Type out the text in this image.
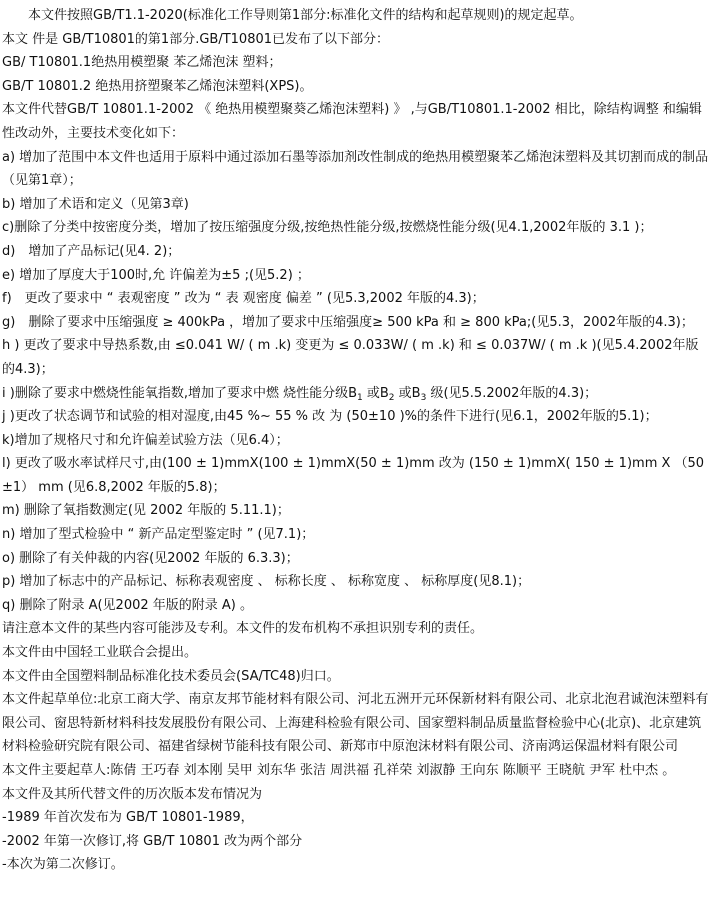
本文件按照GB/T1.1-2020(标准化工作导则第1部分:标准化文件的结构和起草规则)的规定起草。

本文 件是 GB/T10801的第1部分.GB/T10801已发布了以下部分：

GB/ T10801.1绝热用模塑聚 苯乙烯泡沫 塑料；

GB/T 10801.2 绝热用挤塑聚苯乙烯泡沫塑料(XPS)。

本文件代替GB/T 10801.1-2002 《 绝热用模塑聚葵乙烯泡沫塑料) 》 ,与GB/T10801.1-2002 相比，除结构调整 和编辑性改动外，主要技术变化如下：

a) 增加了范围中本文件也适用于原料中通过添加石墨等添加剂改性制成的绝热用模塑聚苯乙烯泡沫塑料及其切割而成的制品（见第1章）；

b) 增加了术语和定义（见第3章)

c)删除了分类中按密度分类，增加了按压缩强度分级,按绝热性能分级,按燃烧性能分级(见4.1,2002年版的 3.1 )；

d)　增加了产品标记(见4. 2)；

e) 增加了厚度大于100时,允 许偏差为±5 ;(见5.2) ；

f)　更改了要求中 “ 表观密度 ” 改为 “ 表 观密度 偏差 ” (见5.3,2002 年版的4.3)；

g)　删除了要求中压缩强度 ≥ 400kPa ，增加了要求中压缩强度≥ 500 kPa 和 ≥ 800 kPa;(见5.3，2002年版的4.3)；

h ) 更改了要求中导热系数,由 ≤0.041 W/ ( m .k) 变更为 ≤ 0.033W/ ( m .k) 和 ≤ 0.037W/ ( m .k )(见5.4.2002年版的4.3)；

i )删除了要求中燃烧性能氧指数,增加了要求中燃 烧性能分级$B_1$ 或$B_2$ 或$B_3$ 级(见5.5.2002年版的4.3)；

j )更改了状态调节和试验的相对湿度,由45 %~ 55 % 改 为 (50±10 )%的条件下进行(见6.1，2002年版的5.1)；

k)增加了规格尺寸和允许偏差试验方法（见6.4）；

l) 更改了吸水率试样尺寸,由(100 ± 1)mmX(100 ± 1)mmX(50 ± 1)mm 改为 (150 ± 1)mmX( 150 ± 1)mm X （50±1） mm (见6.8,2002 年版的5.8)；

m) 删除了氧指数测定(见 2002 年版的 5.11.1)；

n) 增加了型式检验中 “ 新产品定型鉴定时 ” (见7.1)；

o) 删除了有关仲裁的内容(见2002 年版的 6.3.3)；

p) 增加了标志中的产品标记、标称表观密度 、 标称长度 、 标称宽度 、 标称厚度(见8.1)；

q) 删除了附录 A(见2002 年版的附录 A) 。

请注意本文件的某些内容可能涉及专利。本文件的发布机构不承担识别专利的责任。

本文件由中国轻工业联合会提出。

本文件由全国塑料制品标准化技术委员会(SA/TC48)归口。

本文件起草单位:北京工商大学、南京友邦节能材料有限公司、河北五洲开元环保新材料有限公司、北京北泡君诚泡沫塑料有限公司、窗思特新材料科技发展股份有限公司、上海建科检验有限公司、国家塑料制品质量监督检验中心(北京)、北京建筑材料检验研究院有限公司、福建省绿树节能科技有限公司、新郑市中原泡沫材料有限公司、济南鸿运保温材料有限公司

本文件主要起草人:陈倩 王巧春 刘本刚 吴甲 刘东华 张洁 周洪福 孔祥荣 刘淑静 王向东 陈顺平 王晓航 尹军 杜中杰 。

本文件及其所代替文件的历次版本发布情况为

-1989 年首次发布为 GB/T 10801-1989，

-2002 年第一次修订,将 GB/T 10801 改为两个部分

-本次为第二次修订。
